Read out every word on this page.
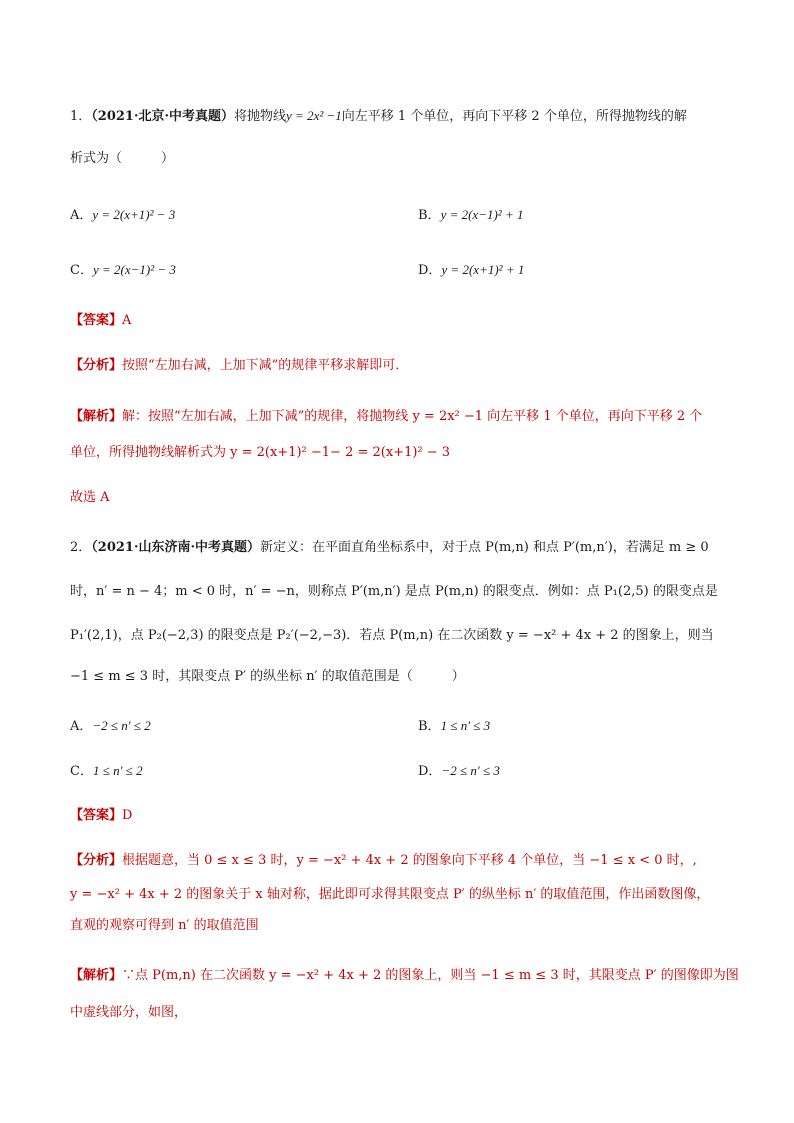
1．（2021·北京·中考真题）将抛物线y = 2x² −1向左平移 1 个单位，再向下平移 2 个单位，所得抛物线的解
析式为（　　　）
A．y = 2(x+1)² − 3	B．y = 2(x−1)² + 1
C．y = 2(x−1)² − 3	D．y = 2(x+1)² + 1
【答案】A
【分析】按照“左加右减，上加下减”的规律平移求解即可．
【解析】解：按照“左加右减，上加下减”的规律，将抛物线 y = 2x² −1 向左平移 1 个单位，再向下平移 2 个
单位，所得抛物线解析式为 y = 2(x+1)² −1− 2 = 2(x+1)² − 3
故选 A
2．（2021·山东济南·中考真题）新定义：在平面直角坐标系中，对于点 P(m,n) 和点 P′(m,n′)，若满足 m ≥ 0
时，n′ = n − 4；m < 0 时，n′ = −n，则称点 P′(m,n′) 是点 P(m,n) 的限变点．例如：点 P₁(2,5) 的限变点是
P₁′(2,1)，点 P₂(−2,3) 的限变点是 P₂′(−2,−3)．若点 P(m,n) 在二次函数 y = −x² + 4x + 2 的图象上，则当
−1 ≤ m ≤ 3 时，其限变点 P′ 的纵坐标 n′ 的取值范围是（　　　）
A．−2 ≤ n′ ≤ 2	B．1 ≤ n′ ≤ 3
C．1 ≤ n′ ≤ 2	D．−2 ≤ n′ ≤ 3
【答案】D
【分析】根据题意，当 0 ≤ x ≤ 3 时，y = −x² + 4x + 2 的图象向下平移 4 个单位，当 −1 ≤ x < 0 时，,
y = −x² + 4x + 2 的图象关于 x 轴对称，据此即可求得其限变点 P′ 的纵坐标 n′ 的取值范围，作出函数图像，
直观的观察可得到 n′ 的取值范围
【解析】∵点 P(m,n) 在二次函数 y = −x² + 4x + 2 的图象上，则当 −1 ≤ m ≤ 3 时，其限变点 P′ 的图像即为图
中虚线部分，如图，
